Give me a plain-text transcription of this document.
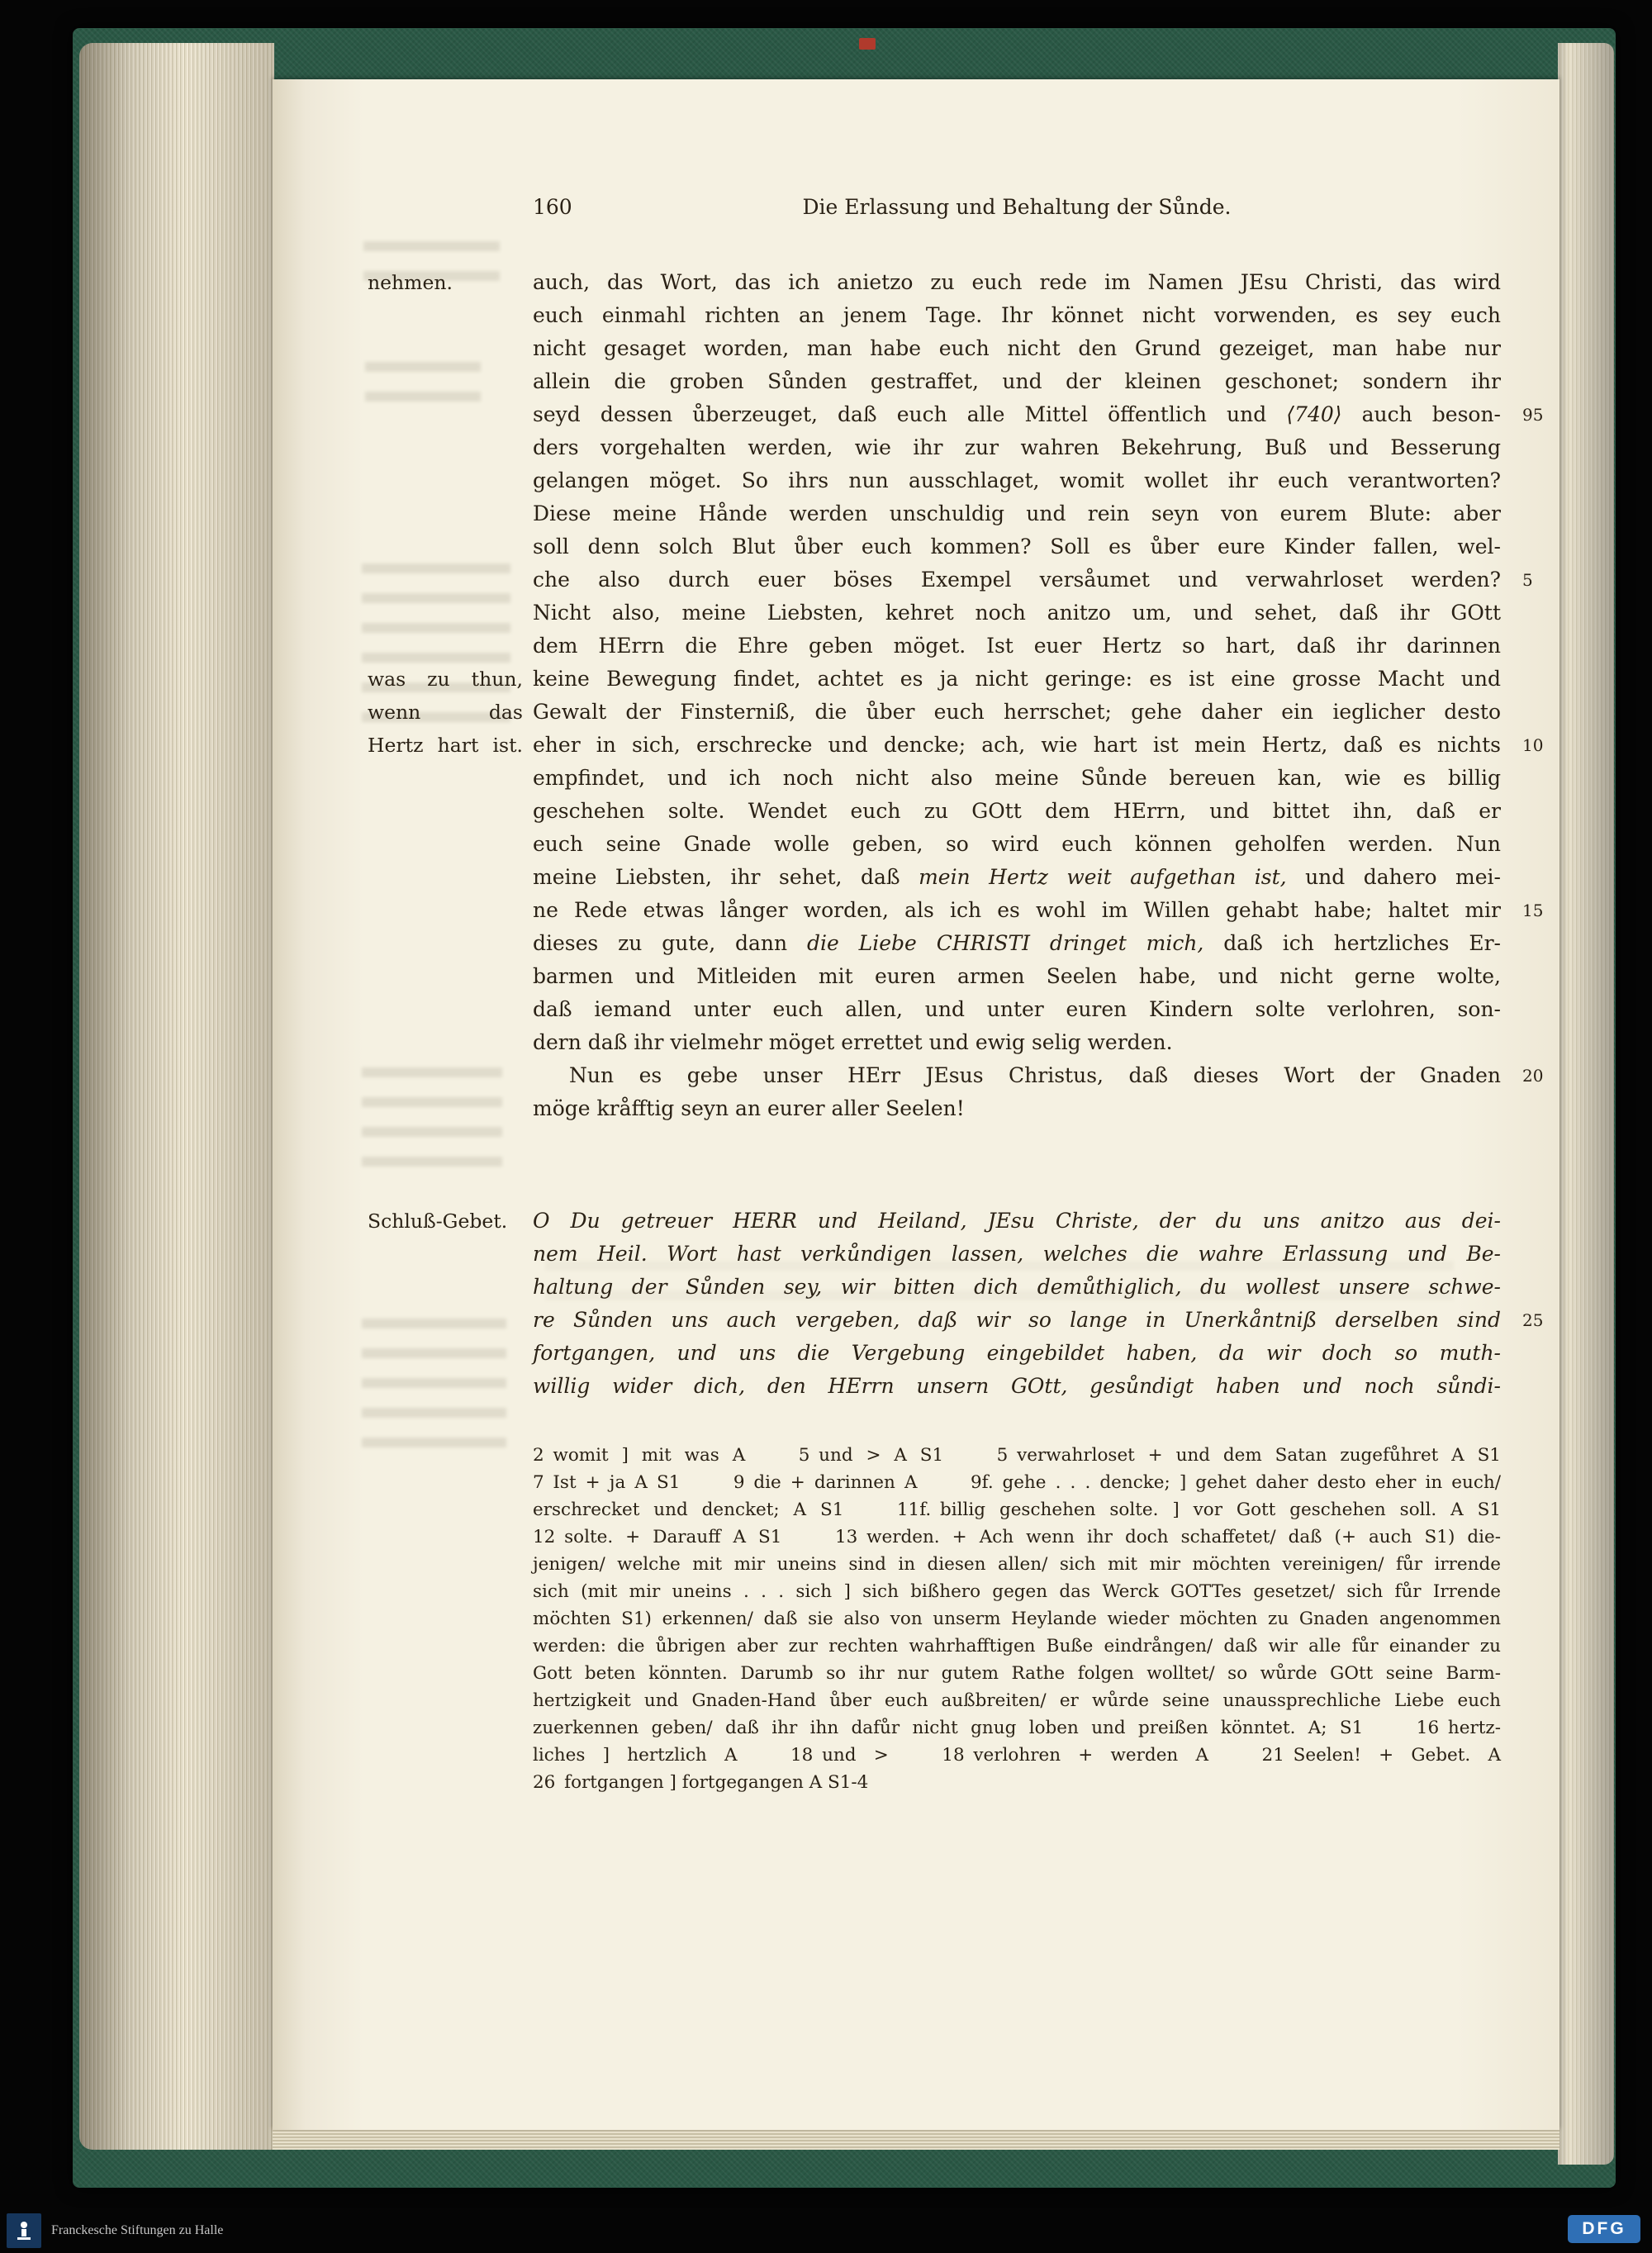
160	Die Erlassung und Behaltung der Sůnde.
auch, das Wort, das ich anietzo zu euch rede im Namen JEsu Christi, das wird
nehmen.
euch einmahl richten an jenem Tage. Ihr könnet nicht vorwenden, es sey euch
nicht gesaget worden, man habe euch nicht den Grund gezeiget, man habe nur
allein die groben Sůnden gestraffet, und der kleinen geschonet; sondern ihr
seyd dessen ůberzeuget, daß euch alle Mittel öffentlich und ⟨740⟩ auch beson- 95
ders vorgehalten werden, wie ihr zur wahren Bekehrung, Buß und Besserung
gelangen möget. So ihrs nun ausschlaget, womit wollet ihr euch verantworten?
Diese meine Hånde werden unschuldig und rein seyn von eurem Blute: aber
soll denn solch Blut ůber euch kommen? Soll es ůber eure Kinder fallen, wel-
che also durch euer böses Exempel versåumet und verwahrloset werden? 5
Nicht also, meine Liebsten, kehret noch anitzo um, und sehet, daß ihr GOtt
dem HErrn die Ehre geben möget. Ist euer Hertz so hart, daß ihr darinnen
keine Bewegung findet, achtet es ja nicht geringe: es ist eine grosse Macht und
was zu thun,
Gewalt der Finsterniß, die ůber euch herrschet; gehe daher ein ieglicher desto
wenn das
eher in sich, erschrecke und dencke; ach, wie hart ist mein Hertz, daß es nichts 10
Hertz hart ist.
empfindet, und ich noch nicht also meine Sůnde bereuen kan, wie es billig
geschehen solte. Wendet euch zu GOtt dem HErrn, und bittet ihn, daß er
euch seine Gnade wolle geben, so wird euch können geholfen werden. Nun
meine Liebsten, ihr sehet, daß mein Hertz weit aufgethan ist, und dahero mei-
ne Rede etwas långer worden, als ich es wohl im Willen gehabt habe; haltet mir 15
dieses zu gute, dann die Liebe CHRISTI dringet mich, daß ich hertzliches Er-
barmen und Mitleiden mit euren armen Seelen habe, und nicht gerne wolte,
daß iemand unter euch allen, und unter euren Kindern solte verlohren, son-
dern daß ihr vielmehr möget errettet und ewig selig werden.
Nun es gebe unser HErr JEsus Christus, daß dieses Wort der Gnaden 20
möge kråfftig seyn an eurer aller Seelen!
O Du getreuer HERR und Heiland, JEsu Christe, der du uns anitzo aus dei-
Schluß-Gebet.
nem Heil. Wort hast verkůndigen lassen, welches die wahre Erlassung und Be-
haltung der Sůnden sey, wir bitten dich demůthiglich, du wollest unsere schwe-
re Sůnden uns auch vergeben, daß wir so lange in Unerkåntniß derselben sind 25
fortgangen, und uns die Vergebung eingebildet haben, da wir doch so muth-
willig wider dich, den HErrn unsern GOtt, gesůndigt haben und noch sůndi-
2 womit ] mit was A   5 und > A S1   5 verwahrloset + und dem Satan zugefůhret A S1
7 Ist + ja A S1   9 die + darinnen A   9f. gehe . . . dencke; ] gehet daher desto eher in euch/
erschrecket und dencket; A S1   11f. billig geschehen solte. ] vor Gott geschehen soll. A S1
12 solte. + Darauff A S1   13 werden. + Ach wenn ihr doch schaffetet/ daß (+ auch S1) die-
jenigen/ welche mit mir uneins sind in diesen allen/ sich mit mir möchten vereinigen/ fůr irrende
sich (mit mir uneins . . . sich ] sich bißhero gegen das Werck GOTTes gesetzet/ sich fůr Irrende
möchten S1) erkennen/ daß sie also von unserm Heylande wieder möchten zu Gnaden angenommen
werden: die ůbrigen aber zur rechten wahrhafftigen Buße eindrången/ daß wir alle fůr einander zu
Gott beten könnten. Darumb so ihr nur gutem Rathe folgen wolltet/ so wůrde GOtt seine Barm-
hertzigkeit und Gnaden-Hand ůber euch außbreiten/ er wůrde seine unaussprechliche Liebe euch
zuerkennen geben/ daß ihr ihn dafůr nicht gnug loben und preißen könntet. A; S1   16 hertz-
liches ] hertzlich A   18 und >   18 verlohren + werden A   21 Seelen! + Gebet. A
26 fortgangen ] fortgegangen A S1-4
Franckesche Stiftungen zu Halle	DFG
